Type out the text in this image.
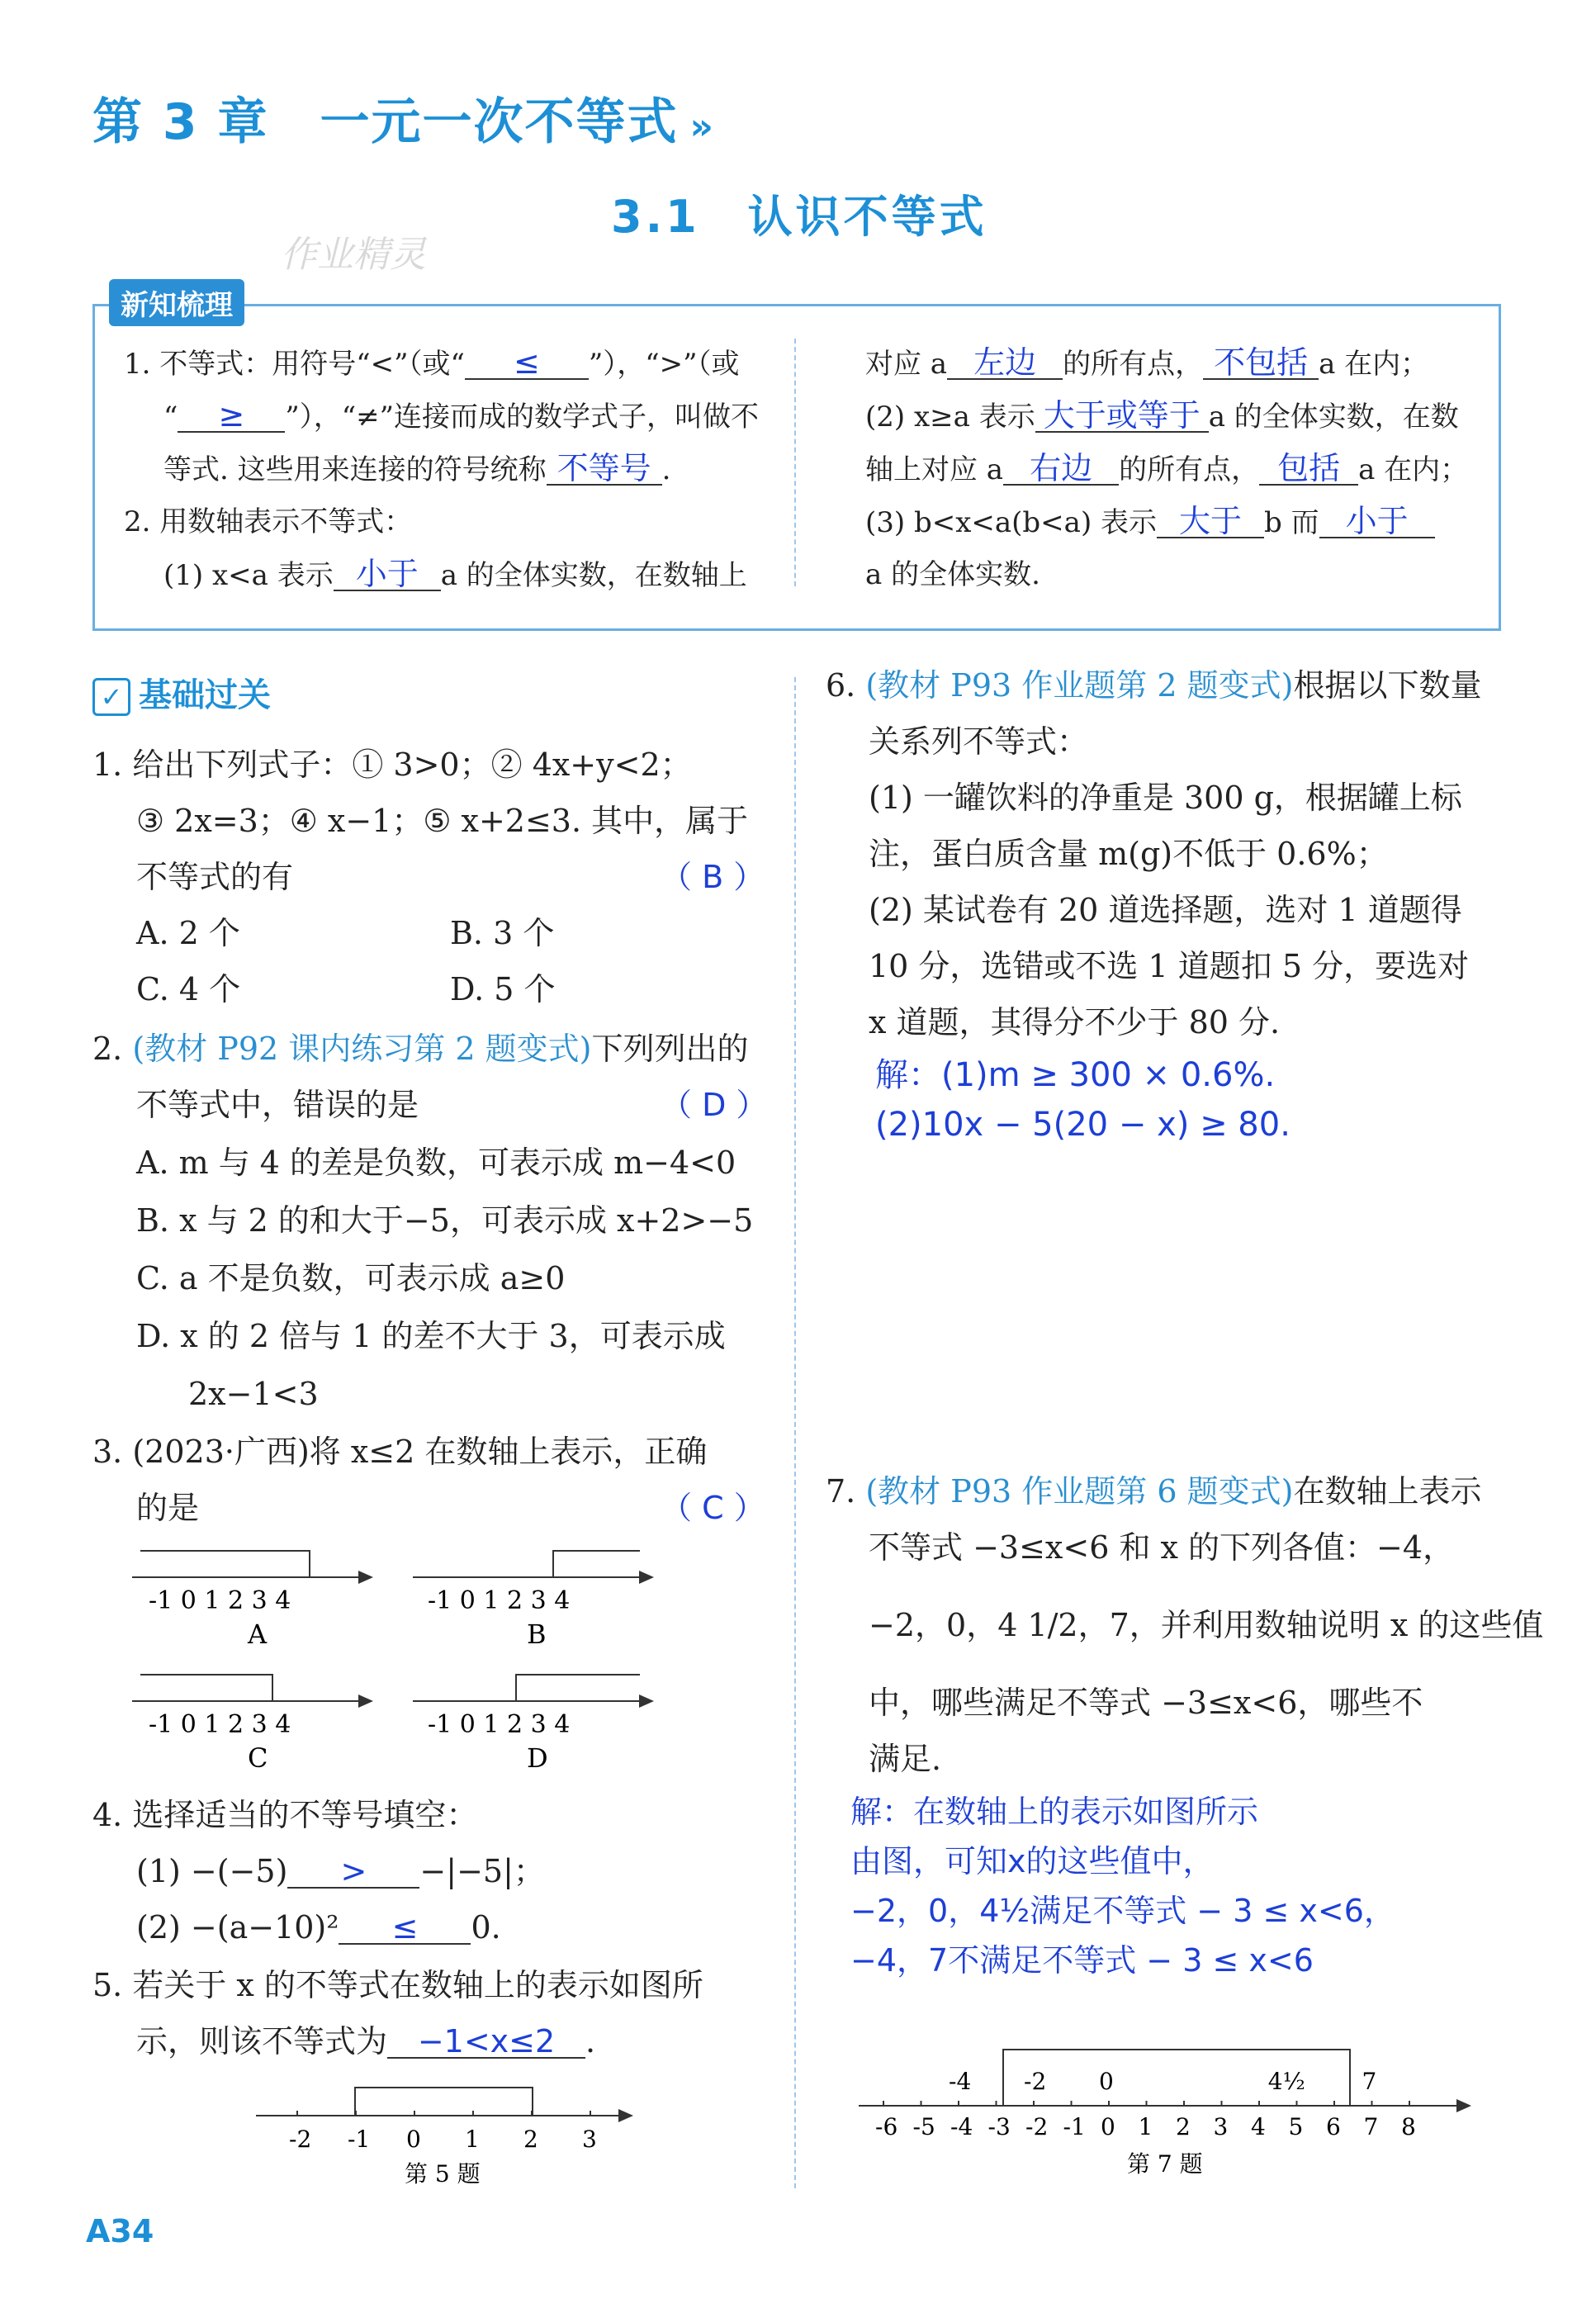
第 3 章　一元一次不等式 »
3.1　认识不等式
作业精灵
新知梳理
1. 不等式：用符号“<”（或“ ≤ ”），“>”（或
“ ≥ ”），“≠”连接而成的数学式子，叫做不
等式. 这些用来连接的符号统称 不等号 .
2. 用数轴表示不等式：
(1) x<a 表示 小于 a 的全体实数，在数轴上
对应 a 左边 的所有点， 不包括 a 在内；
(2) x≥a 表示 大于或等于 a 的全体实数，在数
轴上对应 a 右边 的所有点， 包括 a 在内；
(3) b<x<a(b<a) 表示 大于 b 而 小于
a 的全体实数.
✓ 基础过关
1. 给出下列式子：① 3>0；② 4x+y<2；
③ 2x=3；④ x−1；⑤ x+2≤3. 其中，属于
不等式的有	（ B ）
A. 2 个	B. 3 个
C. 4 个	D. 5 个
2. (教材 P92 课内练习第 2 题变式)下列列出的
不等式中，错误的是	（ D ）
A. m 与 4 的差是负数，可表示成 m−4<0
B. x 与 2 的和大于−5，可表示成 x+2>−5
C. a 不是负数，可表示成 a≥0
D. x 的 2 倍与 1 的差不大于 3，可表示成
2x−1<3
3. (2023·广西)将 x≤2 在数轴上表示，正确
的是	（ C ）
-1 0 1 2 3 4
A
-1 0 1 2 3 4
B
-1 0 1 2 3 4
C
-1 0 1 2 3 4
D
4. 选择适当的不等号填空：
(1) −(−5) > −|−5|；
(2) −(a−10)² ≤ 0.
5. 若关于 x 的不等式在数轴上的表示如图所
示，则该不等式为 −1<x≤2 .
-2 -1 0 1 2 3
第 5 题
6. (教材 P93 作业题第 2 题变式)根据以下数量
关系列不等式：
(1) 一罐饮料的净重是 300 g，根据罐上标
注，蛋白质含量 m(g)不低于 0.6%；
(2) 某试卷有 20 道选择题，选对 1 道题得
10 分，选错或不选 1 道题扣 5 分，要选对
x 道题，其得分不少于 80 分.
解：(1)m ≥ 300 × 0.6%.
(2)10x − 5(20 − x) ≥ 80.
7. (教材 P93 作业题第 6 题变式)在数轴上表示
不等式 −3≤x<6 和 x 的下列各值：−4，
−2，0，4 1/2，7，并利用数轴说明 x 的这些值
中，哪些满足不等式 −3≤x<6，哪些不
满足.
解：在数轴上的表示如图所示
由图，可知x的这些值中，
−2，0，4½满足不等式 − 3 ≤ x<6，
−4，7不满足不等式 − 3 ≤ x<6
-6 -5 -4 -3 -2 -1 0 1 2 3 4 5 6 7 8
-4 -2 0	4½ 7
第 7 题
A34
